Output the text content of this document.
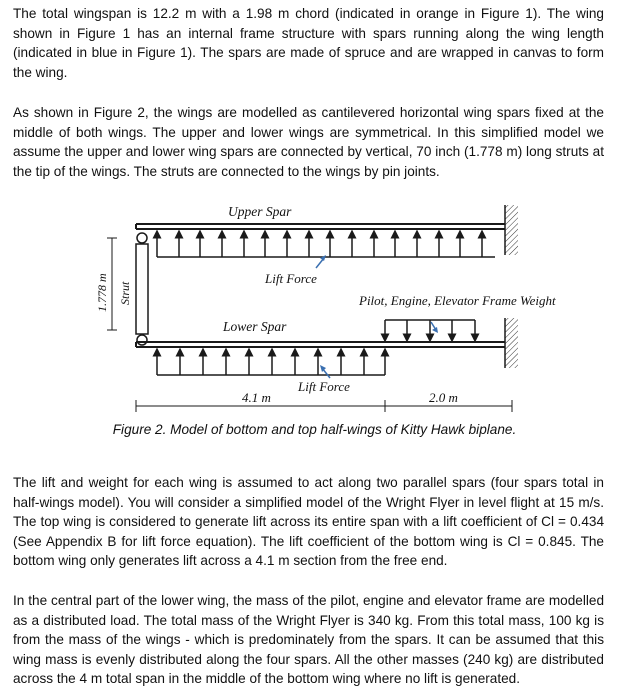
The total wingspan is 12.2 m with a 1.98 m chord (indicated in orange in Figure 1). The wing shown in Figure 1 has an internal frame structure with spars running along the wing length (indicated in blue in Figure 1). The spars are made of spruce and are wrapped in canvas to form the wing.

As shown in Figure 2, the wings are modelled as cantilevered horizontal wing spars fixed at the middle of both wings. The upper and lower wings are symmetrical. In this simplified model we assume the upper and lower wing spars are connected by vertical, 70 inch (1.778 m) long struts at the tip of the wings. The struts are connected to the wings by pin joints.

Strut
1.778 m
Upper Spar
Lift Force
Pilot, Engine, Elevator Frame Weight
Lower Spar
Lift Force
4.1 m	2.0 m
Figure 2. Model of bottom and top half-wings of Kitty Hawk biplane.

The lift and weight for each wing is assumed to act along two parallel spars (four spars total in half-wings model). You will consider a simplified model of the Wright Flyer in level flight at 15 m/s. The top wing is considered to generate lift across its entire span with a lift coefficient of Cl = 0.434 (See Appendix B for lift force equation). The lift coefficient of the bottom wing is Cl = 0.845. The bottom wing only generates lift across a 4.1 m section from the free end.

In the central part of the lower wing, the mass of the pilot, engine and elevator frame are modelled as a distributed load. The total mass of the Wright Flyer is 340 kg. From this total mass, 100 kg is from the mass of the wings - which is predominately from the spars. It can be assumed that this wing mass is evenly distributed along the four spars. All the other masses (240 kg) are distributed across the 4 m total span in the middle of the bottom wing where no lift is generated.
